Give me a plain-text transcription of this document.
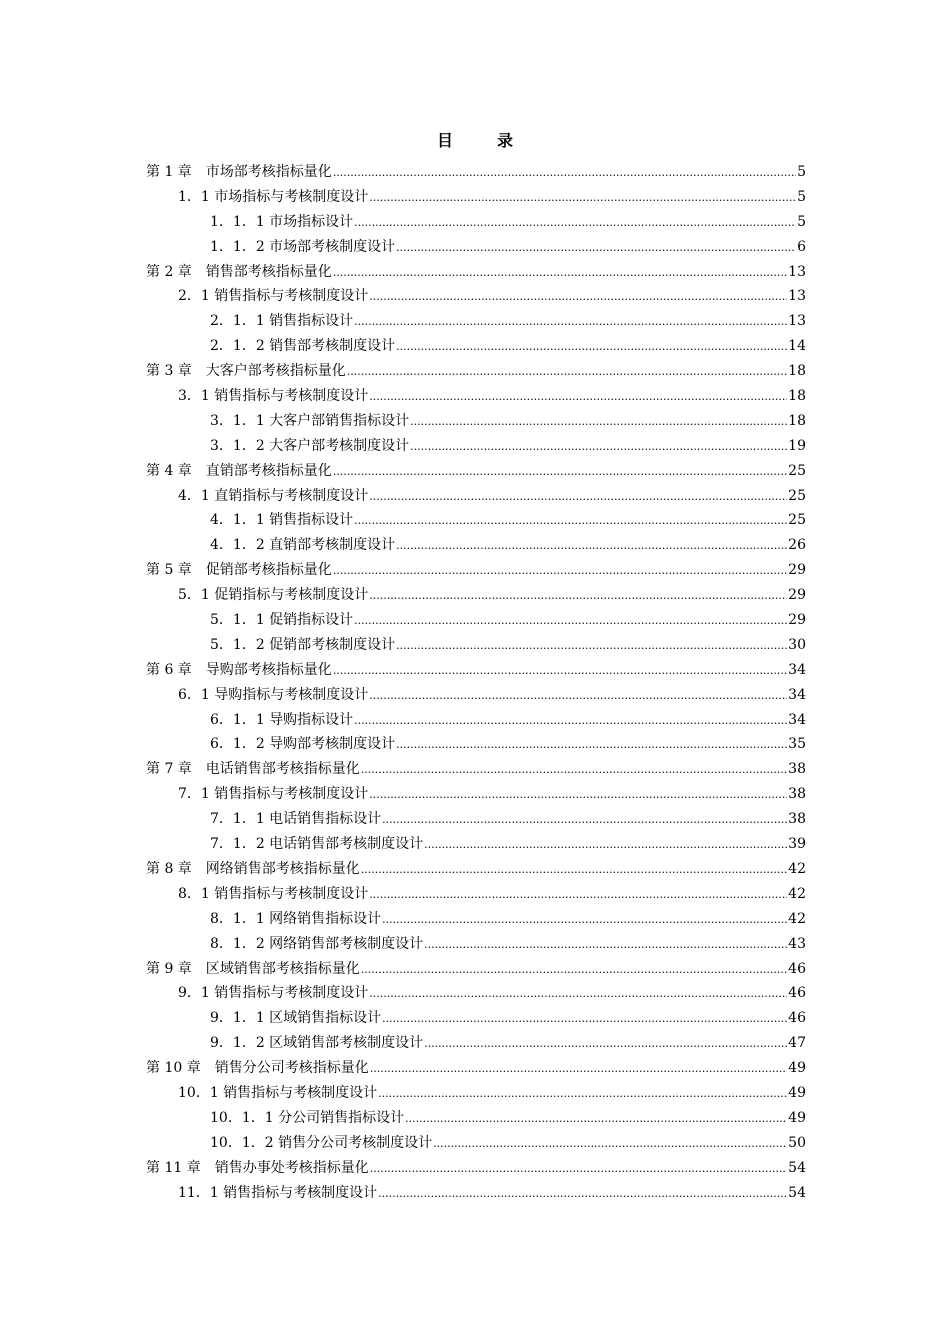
目　录
第 1 章　市场部考核指标量化 .....	5
1．1 市场指标与考核制度设计 .....	5
1．1．1 市场指标设计 .....	5
1．1．2 市场部考核制度设计 .....	6
第 2 章　销售部考核指标量化 .....	13
2．1 销售指标与考核制度设计 .....	13
2．1．1 销售指标设计 .....	13
2．1．2 销售部考核制度设计 .....	14
第 3 章　大客户部考核指标量化 .....	18
3．1 销售指标与考核制度设计 .....	18
3．1．1 大客户部销售指标设计 .....	18
3．1．2 大客户部考核制度设计 .....	19
第 4 章　直销部考核指标量化 .....	25
4．1 直销指标与考核制度设计 .....	25
4．1．1 销售指标设计 .....	25
4．1．2 直销部考核制度设计 .....	26
第 5 章　促销部考核指标量化 .....	29
5．1 促销指标与考核制度设计 .....	29
5．1．1 促销指标设计 .....	29
5．1．2 促销部考核制度设计 .....	30
第 6 章　导购部考核指标量化 .....	34
6．1 导购指标与考核制度设计 .....	34
6．1．1 导购指标设计 .....	34
6．1．2 导购部考核制度设计 .....	35
第 7 章　电话销售部考核指标量化 .....	38
7．1 销售指标与考核制度设计 .....	38
7．1．1 电话销售指标设计 .....	38
7．1．2 电话销售部考核制度设计 .....	39
第 8 章　网络销售部考核指标量化 .....	42
8．1 销售指标与考核制度设计 .....	42
8．1．1 网络销售指标设计 .....	42
8．1．2 网络销售部考核制度设计 .....	43
第 9 章　区域销售部考核指标量化 .....	46
9．1 销售指标与考核制度设计 .....	46
9．1．1 区域销售指标设计 .....	46
9．1．2 区域销售部考核制度设计 .....	47
第 10 章　销售分公司考核指标量化 .....	49
10．1 销售指标与考核制度设计 .....	49
10．1．1 分公司销售指标设计 .....	49
10．1．2 销售分公司考核制度设计 .....	50
第 11 章　销售办事处考核指标量化 .....	54
11．1 销售指标与考核制度设计 .....	54
